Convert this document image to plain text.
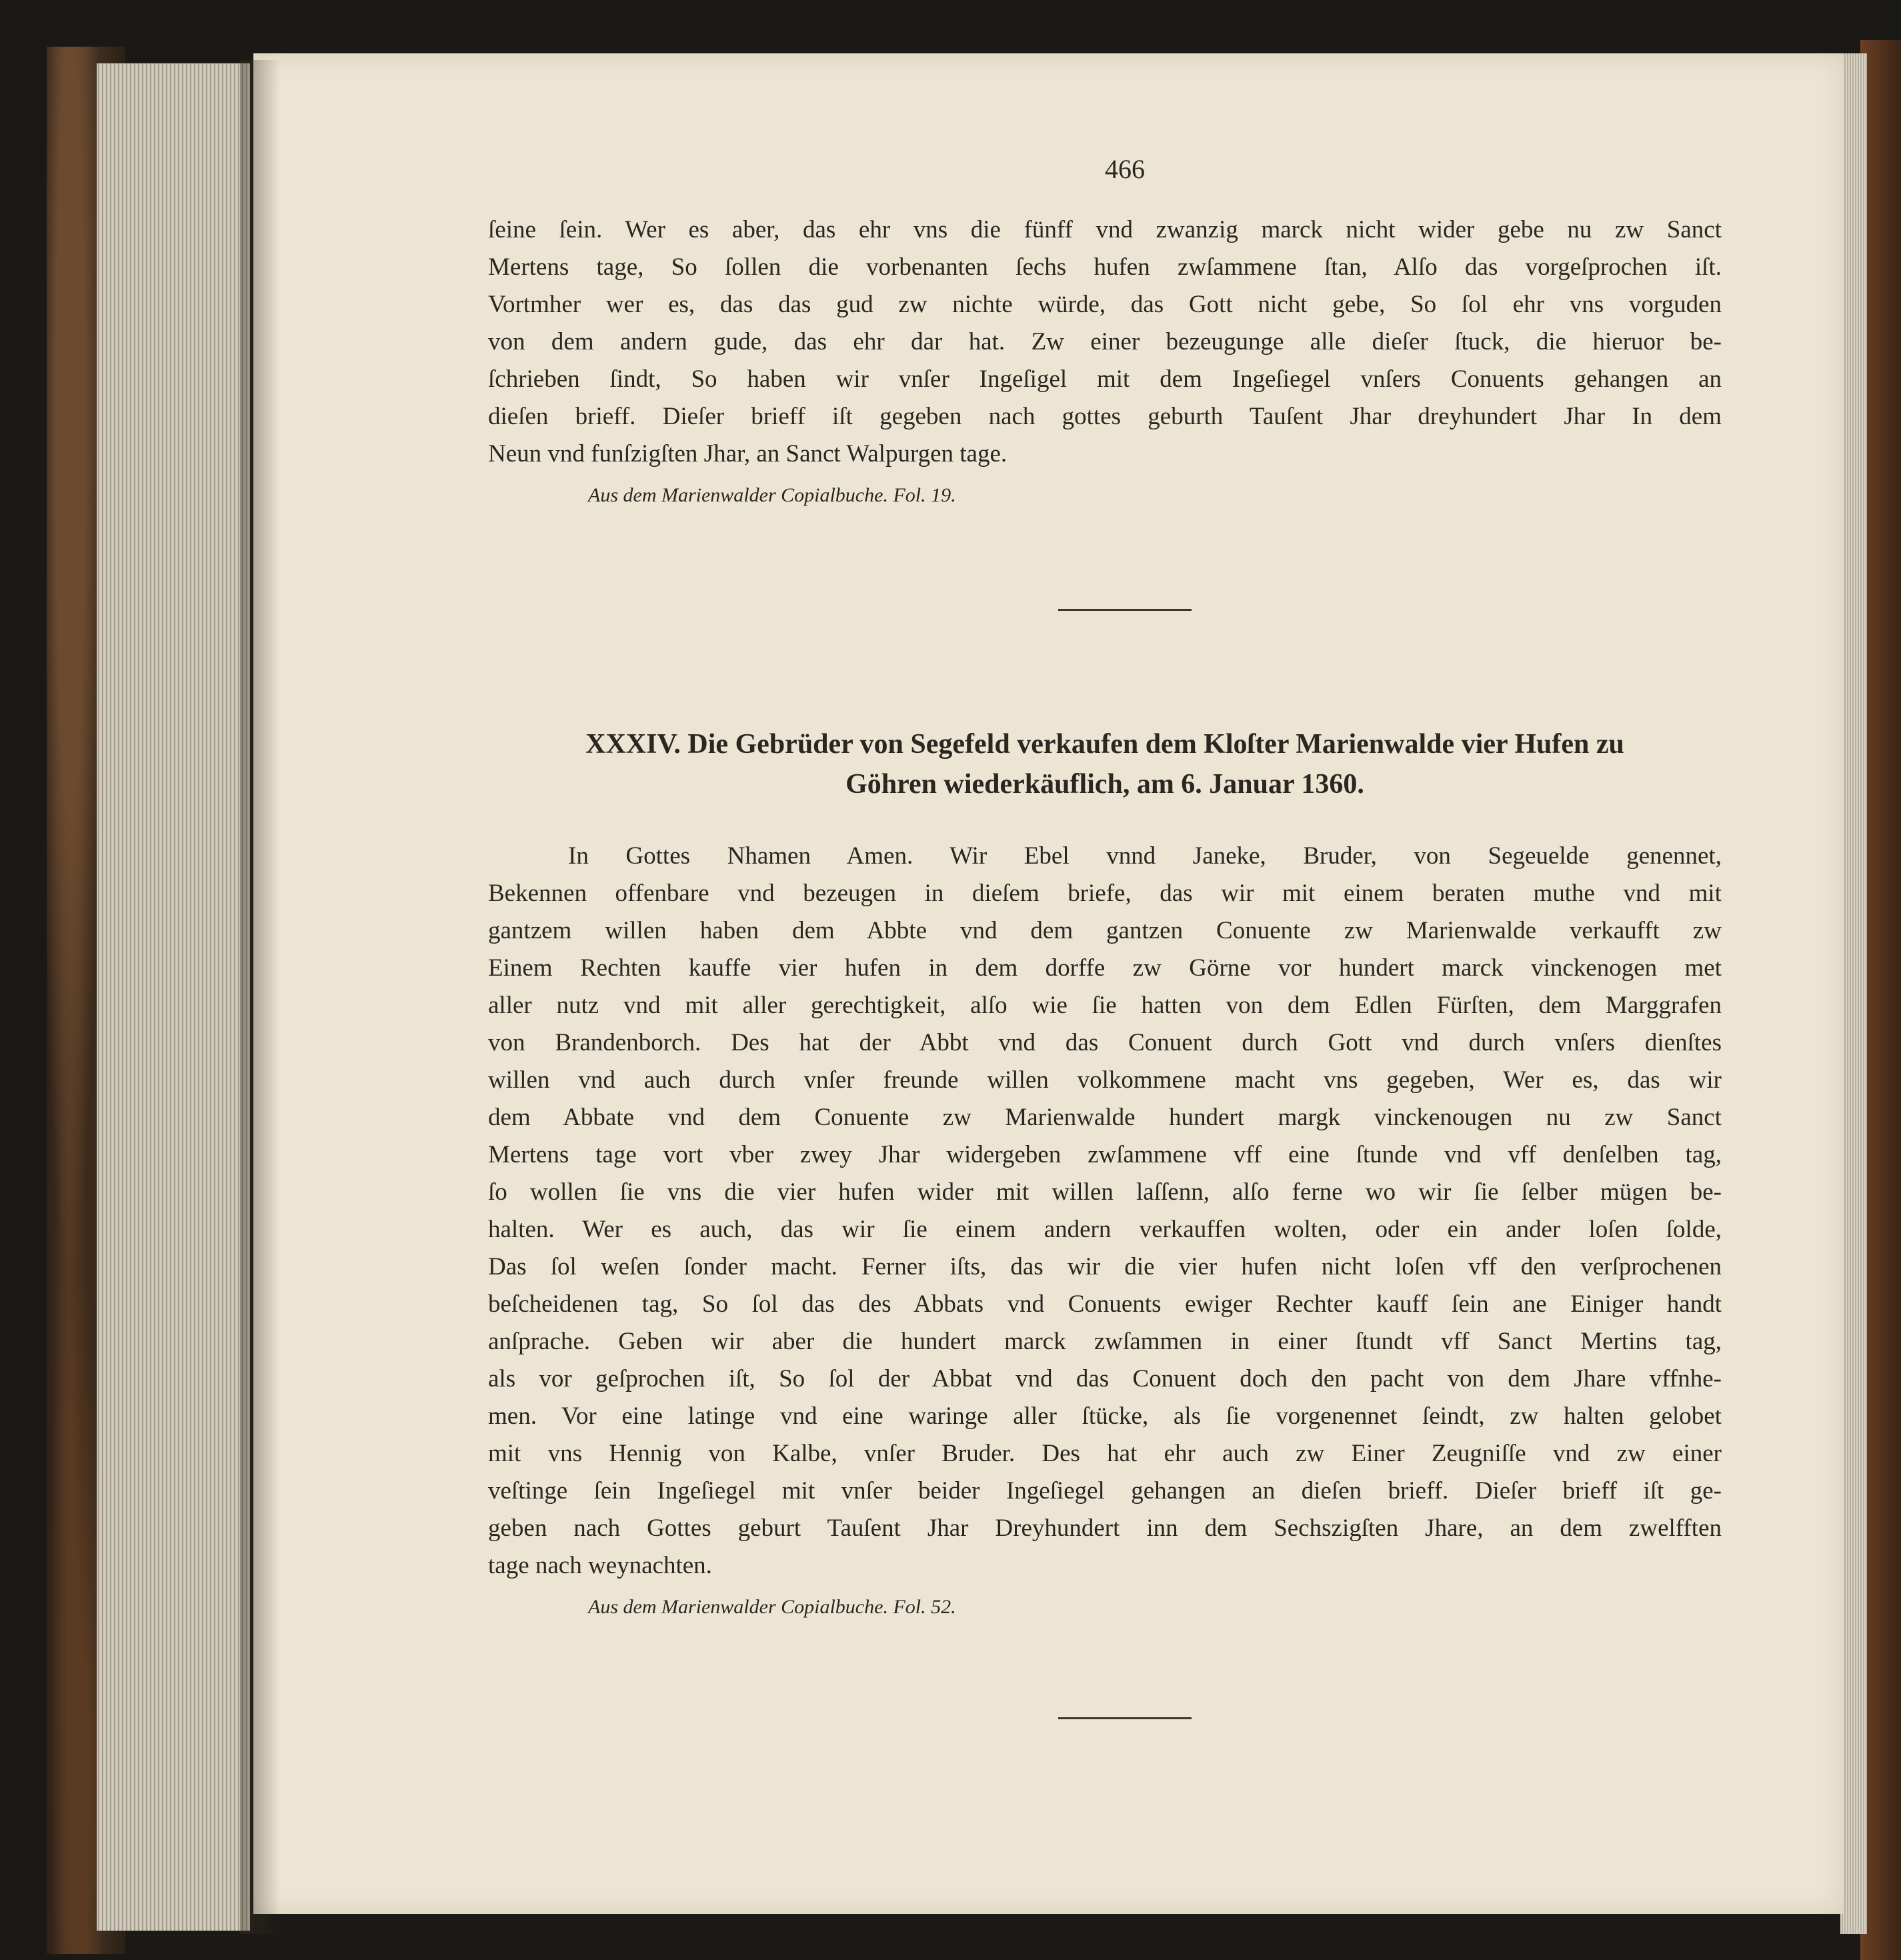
466

ſeine ſein. Wer es aber, das ehr vns die fünff vnd zwanzig marck nicht wider gebe nu zw Sanct
Mertens tage, So ſollen die vorbenanten ſechs hufen zwſammene ſtan, Alſo das vorgeſprochen iſt.
Vortmher wer es, das das gud zw nichte würde, das Gott nicht gebe, So ſol ehr vns vorguden
von dem andern gude, das ehr dar hat. Zw einer bezeugunge alle dieſer ſtuck, die hieruor be-
ſchrieben ſindt, So haben wir vnſer Ingeſigel mit dem Ingeſiegel vnſers Conuents gehangen an
dieſen brieff. Dieſer brieff iſt gegeben nach gottes geburth Tauſent Jhar dreyhundert Jhar In dem
Neun vnd funſzigſten Jhar, an Sanct Walpurgen tage.

Aus dem Marienwalder Copialbuche. Fol. 19.
XXXIV. Die Gebrüder von Segefeld verkaufen dem Kloſter Marienwalde vier Hufen zu
Göhren wiederkäuflich, am 6. Januar 1360.

In Gottes Nhamen Amen. Wir Ebel vnnd Janeke, Bruder, von Segeuelde genennet,
Bekennen offenbare vnd bezeugen in dieſem briefe, das wir mit einem beraten muthe vnd mit
gantzem willen haben dem Abbte vnd dem gantzen Conuente zw Marienwalde verkaufft zw
Einem Rechten kauffe vier hufen in dem dorffe zw Görne vor hundert marck vinckenogen met
aller nutz vnd mit aller gerechtigkeit, alſo wie ſie hatten von dem Edlen Fürſten, dem Marggrafen
von Brandenborch. Des hat der Abbt vnd das Conuent durch Gott vnd durch vnſers dienſtes
willen vnd auch durch vnſer freunde willen volkommene macht vns gegeben, Wer es, das wir
dem Abbate vnd dem Conuente zw Marienwalde hundert margk vinckenougen nu zw Sanct
Mertens tage vort vber zwey Jhar widergeben zwſammene vff eine ſtunde vnd vff denſelben tag,
ſo wollen ſie vns die vier hufen wider mit willen laſſenn, alſo ferne wo wir ſie ſelber mügen be-
halten. Wer es auch, das wir ſie einem andern verkauffen wolten, oder ein ander loſen ſolde,
Das ſol weſen ſonder macht. Ferner iſts, das wir die vier hufen nicht loſen vff den verſprochenen
beſcheidenen tag, So ſol das des Abbats vnd Conuents ewiger Rechter kauff ſein ane Einiger handt
anſprache. Geben wir aber die hundert marck zwſammen in einer ſtundt vff Sanct Mertins tag,
als vor geſprochen iſt, So ſol der Abbat vnd das Conuent doch den pacht von dem Jhare vffnhe-
men. Vor eine latinge vnd eine waringe aller ſtücke, als ſie vorgenennet ſeindt, zw halten gelobet
mit vns Hennig von Kalbe, vnſer Bruder. Des hat ehr auch zw Einer Zeugniſſe vnd zw einer
veſtinge ſein Ingeſiegel mit vnſer beider Ingeſiegel gehangen an dieſen brieff. Dieſer brieff iſt ge-
geben nach Gottes geburt Tauſent Jhar Dreyhundert inn dem Sechszigſten Jhare, an dem zwelfften
tage nach weynachten.

Aus dem Marienwalder Copialbuche. Fol. 52.
